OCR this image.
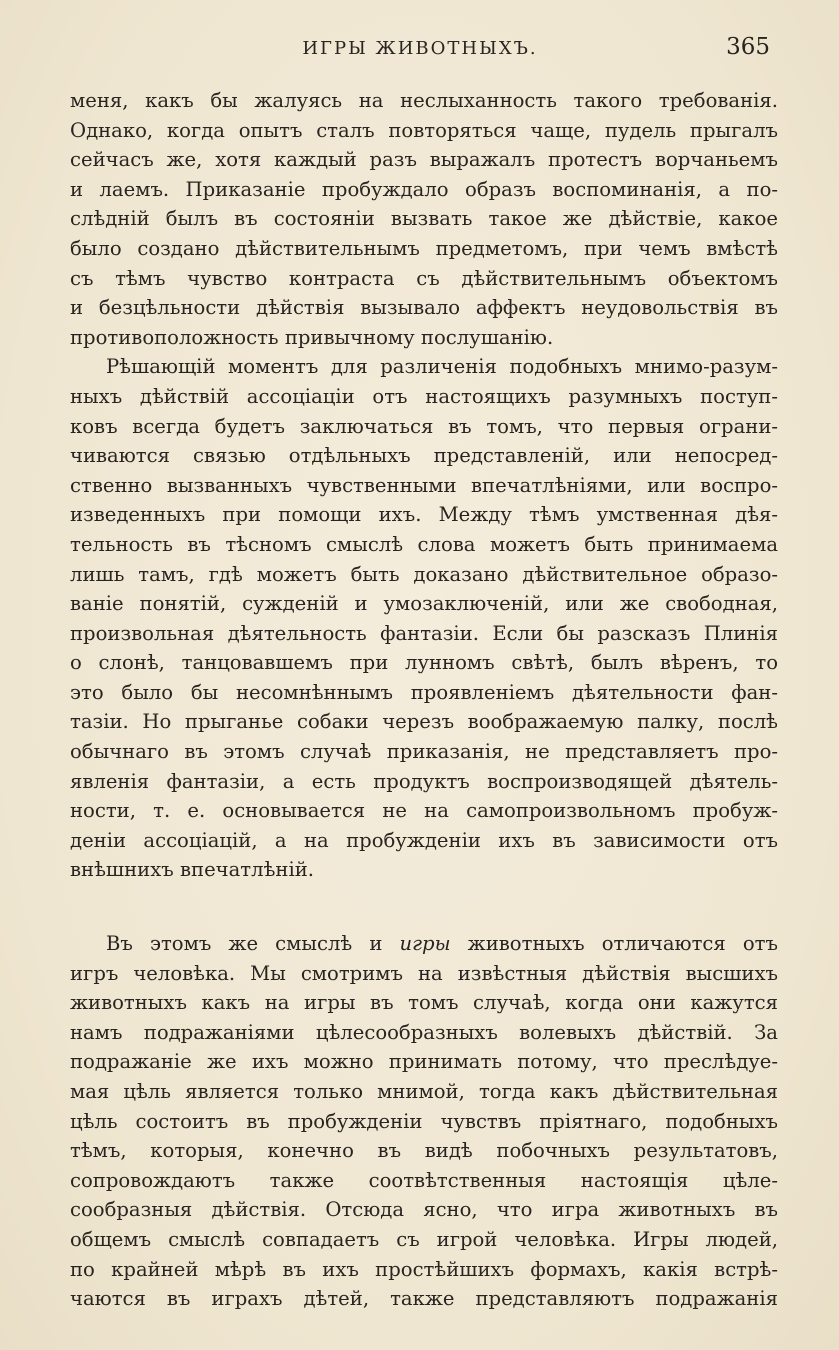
ИГРЫ ЖИВОТНЫХЪ.	365
меня, какъ бы жалуясь на неслыханность такого требованія.
Однако, когда опытъ сталъ повторяться чаще, пудель прыгалъ
сейчасъ же, хотя каждый разъ выражалъ протестъ ворчаньемъ
и лаемъ. Приказаніе пробуждало образъ воспоминанія, а по-
слѣдній былъ въ состояніи вызвать такое же дѣйствіе, какое
было создано дѣйствительнымъ предметомъ, при чемъ вмѣстѣ
съ тѣмъ чувство контраста съ дѣйствительнымъ объектомъ
и безцѣльности дѣйствія вызывало аффектъ неудовольствія въ
противоположность привычному послушанію.
Рѣшающій моментъ для различенія подобныхъ мнимо-разум-
ныхъ дѣйствій ассоціаціи отъ настоящихъ разумныхъ поступ-
ковъ всегда будетъ заключаться въ томъ, что первыя ограни-
чиваются связью отдѣльныхъ представленій, или непосред-
ственно вызванныхъ чувственными впечатлѣніями, или воспро-
изведенныхъ при помощи ихъ. Между тѣмъ умственная дѣя-
тельность въ тѣсномъ смыслѣ слова можетъ быть принимаема
лишь тамъ, гдѣ можетъ быть доказано дѣйствительное образо-
ваніе понятій, сужденій и умозаключеній, или же свободная,
произвольная дѣятельность фантазіи. Если бы разсказъ Плинія
о слонѣ, танцовавшемъ при лунномъ свѣтѣ, былъ вѣренъ, то
это было бы несомнѣннымъ проявленіемъ дѣятельности фан-
тазіи. Но прыганье собаки черезъ воображаемую палку, послѣ
обычнаго въ этомъ случаѣ приказанія, не представляетъ про-
явленія фантазіи, а есть продуктъ воспроизводящей дѣятель-
ности, т. е. основывается не на самопроизвольномъ пробуж-
деніи ассоціацій, а на пробужденіи ихъ въ зависимости отъ
внѣшнихъ впечатлѣній.
Въ этомъ же смыслѣ и игры животныхъ отличаются отъ
игръ человѣка. Мы смотримъ на извѣстныя дѣйствія высшихъ
животныхъ какъ на игры въ томъ случаѣ, когда они кажутся
намъ подражаніями цѣлесообразныхъ волевыхъ дѣйствій. За
подражаніе же ихъ можно принимать потому, что преслѣдуе-
мая цѣль является только мнимой, тогда какъ дѣйствительная
цѣль состоитъ въ пробужденіи чувствъ пріятнаго, подобныхъ
тѣмъ, которыя, конечно въ видѣ побочныхъ результатовъ,
сопровождаютъ также соотвѣтственныя настоящія цѣле-
сообразныя дѣйствія. Отсюда ясно, что игра животныхъ въ
общемъ смыслѣ совпадаетъ съ игрой человѣка. Игры людей,
по крайней мѣрѣ въ ихъ простѣйшихъ формахъ, какія встрѣ-
чаются въ играхъ дѣтей, также представляютъ подражанія
